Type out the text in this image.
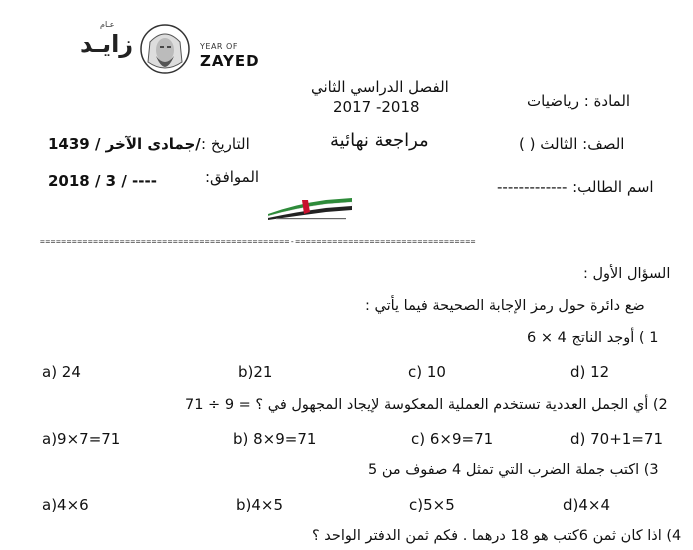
عـام
زايـد	YEAR OF
ZAYED
الفصل الدراسي الثاني
2017 -2018	المادة : رياضيات
/جمادى الآخر / 1439 التاريخ :	مراجعة نهائية	الصف: الثالث ( )
2018 / 3 / ----	الموافق:
اسم الطالب: -------------
===============================================-==================================
السؤال الأول :
ضع دائرة حول رمز الإجابة الصحيحة فيما يأتي :
1 ) أوجد الناتج 4 × 6
a) 24	b)21	c) 10	d) 12
2) أي الجمل العددية تستخدم العملية المعكوسة لإيجاد المجهول في ؟ = 9 ÷ 71
a)9×7=71	b) 8×9=71	c) 6×9=71	d) 70+1=71
3) اكتب جملة الضرب التي تمثل 4 صفوف من 5
a)4×6	b)4×5	c)5×5	d)4×4
4) اذا كان ثمن 6كتب هو 18 درهما . فكم ثمن الدفتر الواحد ؟
